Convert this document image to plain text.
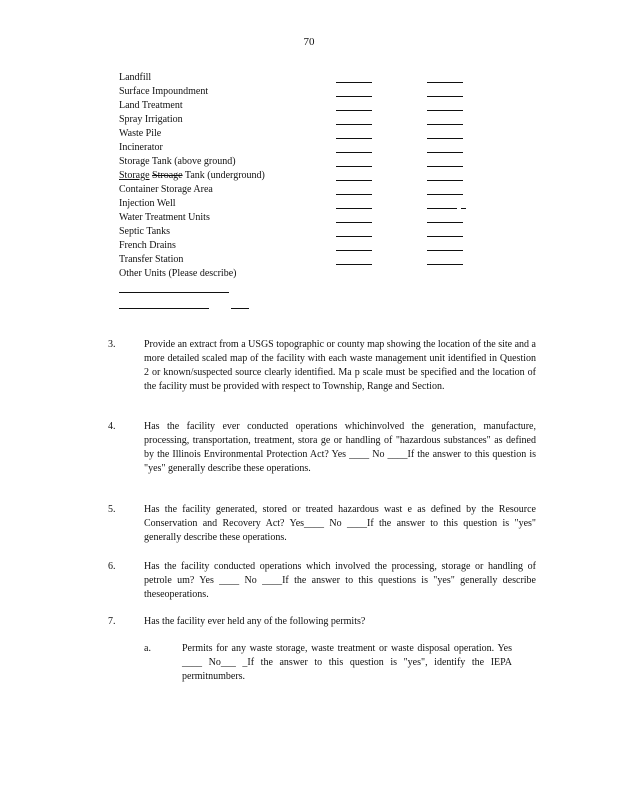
70
Landfill
Surface Impoundment
Land Treatment
Spray Irrigation
Waste Pile
Incinerator
Storage Tank (above ground)
Storage Stroage Tank (underground)
Container Storage Area
Injection Well
Water Treatment Units
Septic Tanks
French Drains
Transfer Station
Other Units (Please describe)
3.	Provide an extract from a USGS topographic or county map showing the location of the site and a more detailed scaled map of the facility with each waste management unit identified in Question 2 or known/suspected source clearly identified. Ma p scale must be specified and the location of the facility must be provided with respect to Township, Range and Section.
4.	Has the facility ever conducted operations whichinvolved the generation, manufacture, processing, transportation, treatment, stora ge or handling of "hazardous substances" as defined by the Illinois Environmental Protection Act? Yes ____ No ____If the answer to this question is "yes" generally describe these operations.
5.	Has the facility generated, stored or treated hazardous wast e as defined by the Resource Conservation and Recovery Act? Yes____ No ____If the answer to this question is "yes" generally describe these operations.
6.	Has the facility conducted operations which involved the processing, storage or handling of petrole um? Yes ____ No ____If the answer to this questions is "yes" generally describe theseoperations.
7.	Has the facility ever held any of the following permits?
a.	Permits for any waste storage, waste treatment or waste disposal operation. Yes ____ No___ _If the answer to this question is "yes", identify the IEPA permitnumbers.
